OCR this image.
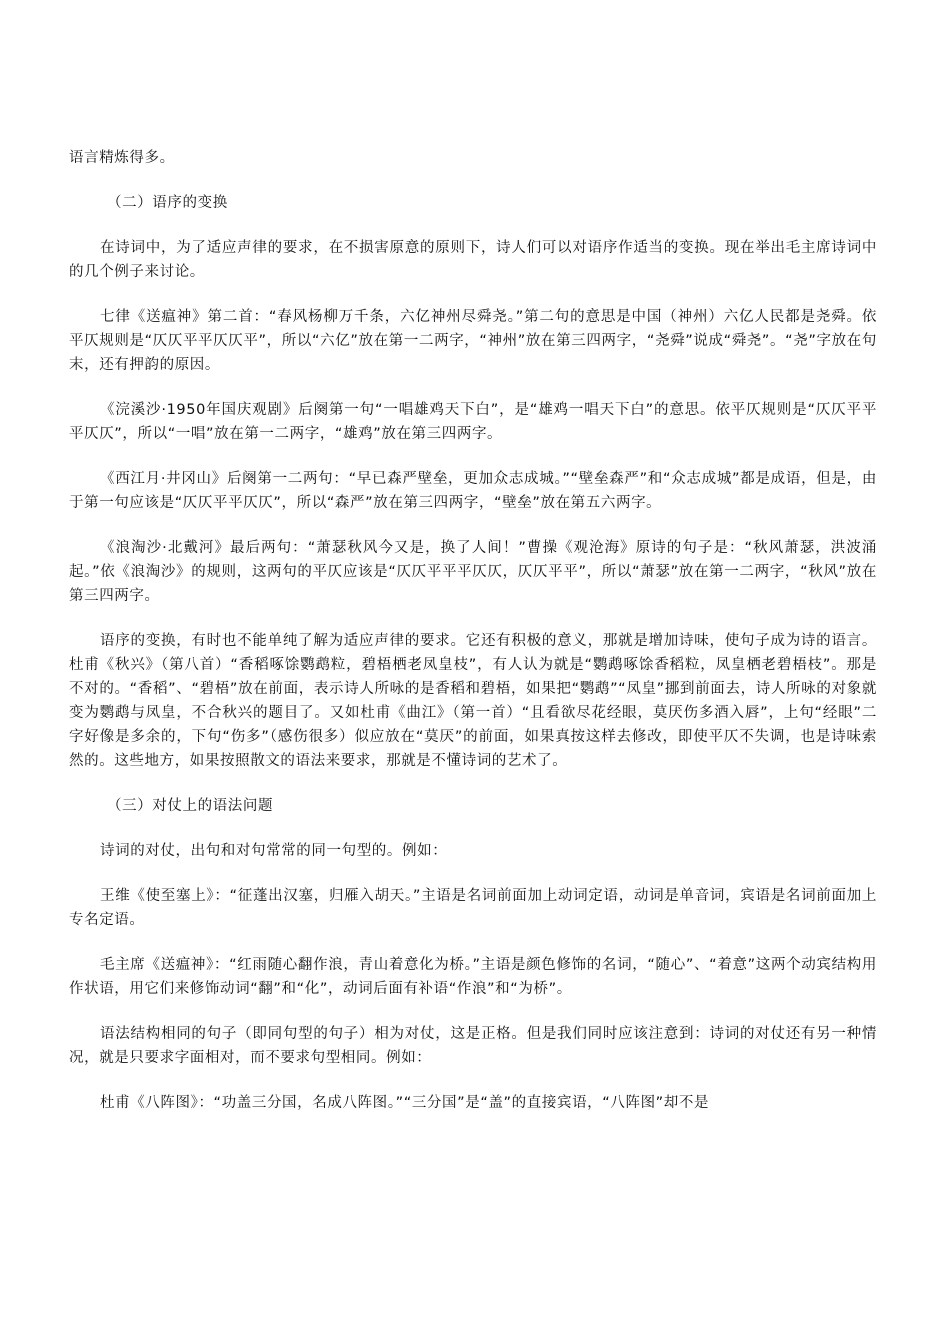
语言精炼得多。

（二）语序的变换

在诗词中，为了适应声律的要求，在不损害原意的原则下，诗人们可以对语序作适当的变换。现在举出毛主席诗词中的几个例子来讨论。

七律《送瘟神》第二首：“春风杨柳万千条，六亿神州尽舜尧。”第二句的意思是中国（神州）六亿人民都是尧舜。依平仄规则是“仄仄平平仄仄平”，所以“六亿”放在第一二两字，“神州”放在第三四两字，“尧舜”说成“舜尧”。“尧”字放在句末，还有押韵的原因。

《浣溪沙·1950年国庆观剧》后阕第一句“一唱雄鸡天下白”，是“雄鸡一唱天下白”的意思。依平仄规则是“仄仄平平平仄仄”，所以“一唱”放在第一二两字，“雄鸡”放在第三四两字。

《西江月·井冈山》后阕第一二两句：“早已森严壁垒，更加众志成城。”“壁垒森严”和“众志成城”都是成语，但是，由于第一句应该是“仄仄平平仄仄”，所以“森严”放在第三四两字，“壁垒”放在第五六两字。

《浪淘沙·北戴河》最后两句：“萧瑟秋风今又是，换了人间！”曹操《观沧海》原诗的句子是：“秋风萧瑟，洪波涌起。”依《浪淘沙》的规则，这两句的平仄应该是“仄仄平平平仄仄，仄仄平平”，所以“萧瑟”放在第一二两字，“秋风”放在第三四两字。

语序的变换，有时也不能单纯了解为适应声律的要求。它还有积极的意义，那就是增加诗味，使句子成为诗的语言。杜甫《秋兴》（第八首）“香稻啄馀鹦鹉粒，碧梧栖老凤皇枝”，有人认为就是“鹦鹉啄馀香稻粒，凤皇栖老碧梧枝”。那是不对的。“香稻”、“碧梧”放在前面，表示诗人所咏的是香稻和碧梧，如果把“鹦鹉”“凤皇”挪到前面去，诗人所咏的对象就变为鹦鹉与凤皇，不合秋兴的题目了。又如杜甫《曲江》（第一首）“且看欲尽花经眼，莫厌伤多酒入唇”，上句“经眼”二字好像是多余的，下句“伤多”（感伤很多）似应放在“莫厌”的前面，如果真按这样去修改，即使平仄不失调，也是诗味索然的。这些地方，如果按照散文的语法来要求，那就是不懂诗词的艺术了。

（三）对仗上的语法问题

诗词的对仗，出句和对句常常的同一句型的。例如：

王维《使至塞上》：“征蓬出汉塞，归雁入胡天。”主语是名词前面加上动词定语，动词是单音词，宾语是名词前面加上专名定语。

毛主席《送瘟神》：“红雨随心翻作浪，青山着意化为桥。”主语是颜色修饰的名词，“随心”、“着意”这两个动宾结构用作状语，用它们来修饰动词“翻”和“化”，动词后面有补语“作浪”和“为桥”。

语法结构相同的句子（即同句型的句子）相为对仗，这是正格。但是我们同时应该注意到：诗词的对仗还有另一种情况，就是只要求字面相对，而不要求句型相同。例如：

杜甫《八阵图》：“功盖三分国，名成八阵图。”“三分国”是“盖”的直接宾语，“八阵图”却不是
